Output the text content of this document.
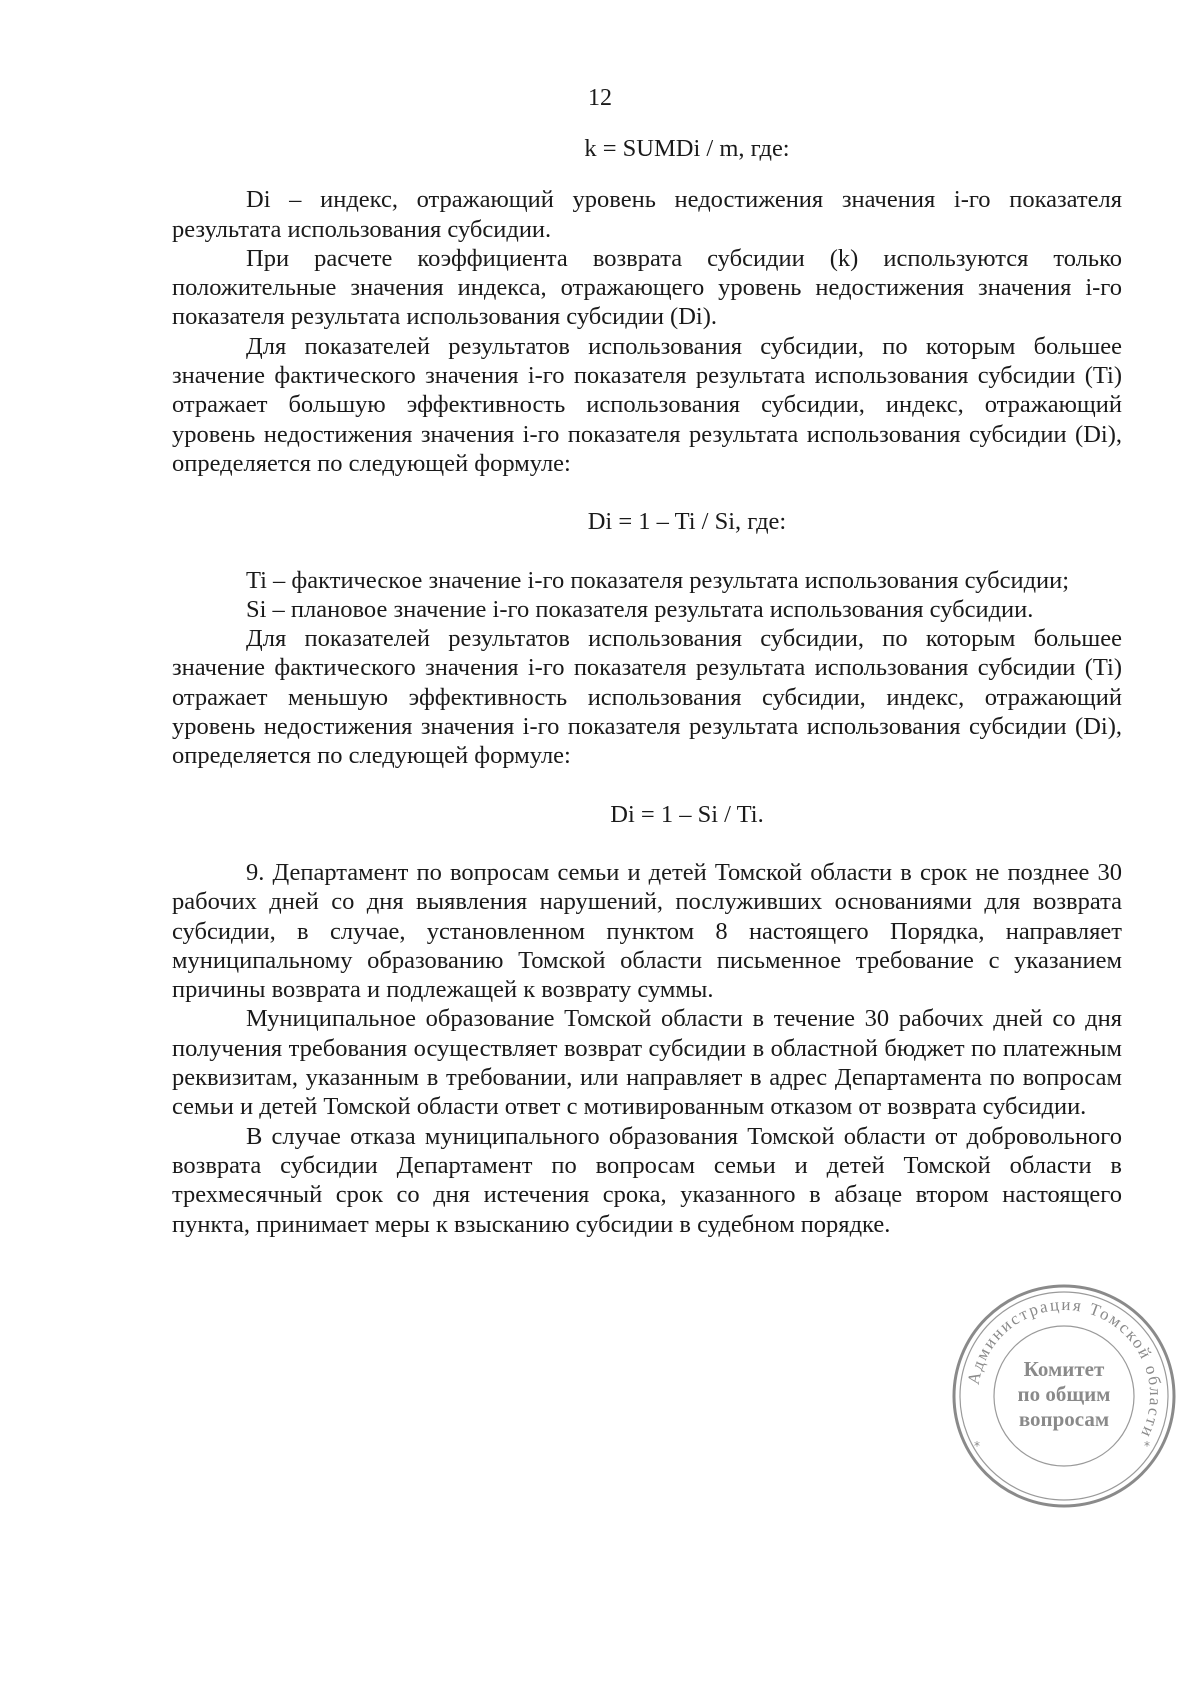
12

k = SUMDi / m, где:

Di – индекс, отражающий уровень недостижения значения i-го показателя результата использования субсидии.

При расчете коэффициента возврата субсидии (k) используются только положительные значения индекса, отражающего уровень недостижения значения i-го показателя результата использования субсидии (Di).

Для показателей результатов использования субсидии, по которым большее значение фактического значения i-го показателя результата использования субсидии (Ti) отражает большую эффективность использования субсидии, индекс, отражающий уровень недостижения значения i-го показателя результата использования субсидии (Di), определяется по следующей формуле:

Di = 1 – Ti / Si, где:

Ti – фактическое значение i-го показателя результата использования субсидии;

Si – плановое значение i-го показателя результата использования субсидии.

Для показателей результатов использования субсидии, по которым большее значение фактического значения i-го показателя результата использования субсидии (Ti) отражает меньшую эффективность использования субсидии, индекс, отражающий уровень недостижения значения i-го показателя результата использования субсидии (Di), определяется по следующей формуле:

Di = 1 – Si / Ti.

9. Департамент по вопросам семьи и детей Томской области в срок не позднее 30 рабочих дней со дня выявления нарушений, послуживших основаниями для возврата субсидии, в случае, установленном пунктом 8 настоящего Порядка, направляет муниципальному образованию Томской области письменное требование с указанием причины возврата и подлежащей к возврату суммы.

Муниципальное образование Томской области в течение 30 рабочих дней со дня получения требования осуществляет возврат субсидии в областной бюджет по платежным реквизитам, указанным в требовании, или направляет в адрес Департамента по вопросам семьи и детей Томской области ответ с мотивированным отказом от возврата субсидии.

В случае отказа муниципального образования Томской области от добровольного возврата субсидии Департамент по вопросам семьи и детей Томской области в трехмесячный срок со дня истечения срока, указанного в абзаце втором настоящего пункта, принимает меры к взысканию субсидии в судебном порядке.

Администрация Томской области
*	*
Комитет
по общим
вопросам
